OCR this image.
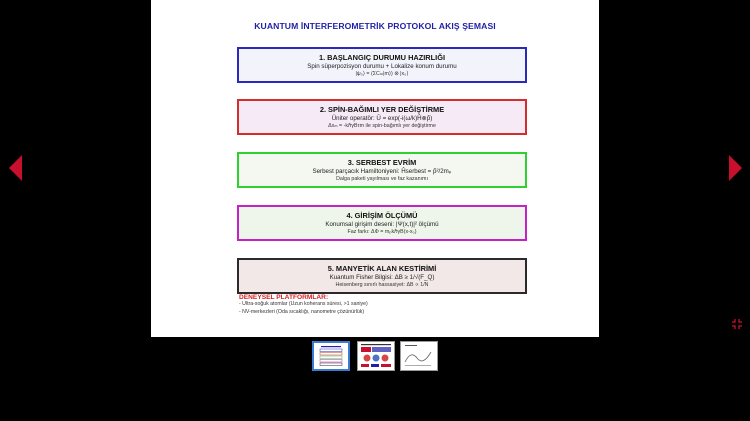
KUANTUM İNTERFEROMETRİK PROTOKOL AKIŞ ŞEMASI
1. BAŞLANGIÇ DURUMU HAZIRLIĞI
Spin süperpozisyon durumu + Lokalize konum durumu
|ψ₀⟩ = (ΣCₘ|m⟩) ⊗ |x₀⟩
2. SPİN-BAĞIMLI YER DEĞİŞTİRME
Üniter operatör: Û = exp(-i(ω/k)Ĥ⊗p̂)
Δxₘ = -kℏγBτm ile spin-bağımlı yer değiştirme
3. SERBEST EVRİM
Serbest parçacık Hamiltoniyeni: Ĥserbest = p̂²/2mₚ
Dalga paketi yayılması ve faz kazanımı
4. GİRİŞİM ÖLÇÜMÜ
Konumsal girişim deseni: |Ψ(x,t)|² ölçümü
Faz farkı: ΔΦ = mₚkℏγB(x-x₀)
5. MANYETİK ALAN KESTİRİMİ
Kuantum Fisher Bilgisi: ΔB ≥ 1/√(F_Q)
Heisenberg sınırlı hassasiyet: ΔB ∝ 1/N
DENEYSEL PLATFORMLAR:
- Ultra-soğuk atomlar (Uzun koherans süresi, >1 saniye)
- NV-merkezleri (Oda sıcaklığı, nanometre çözünürlük)
